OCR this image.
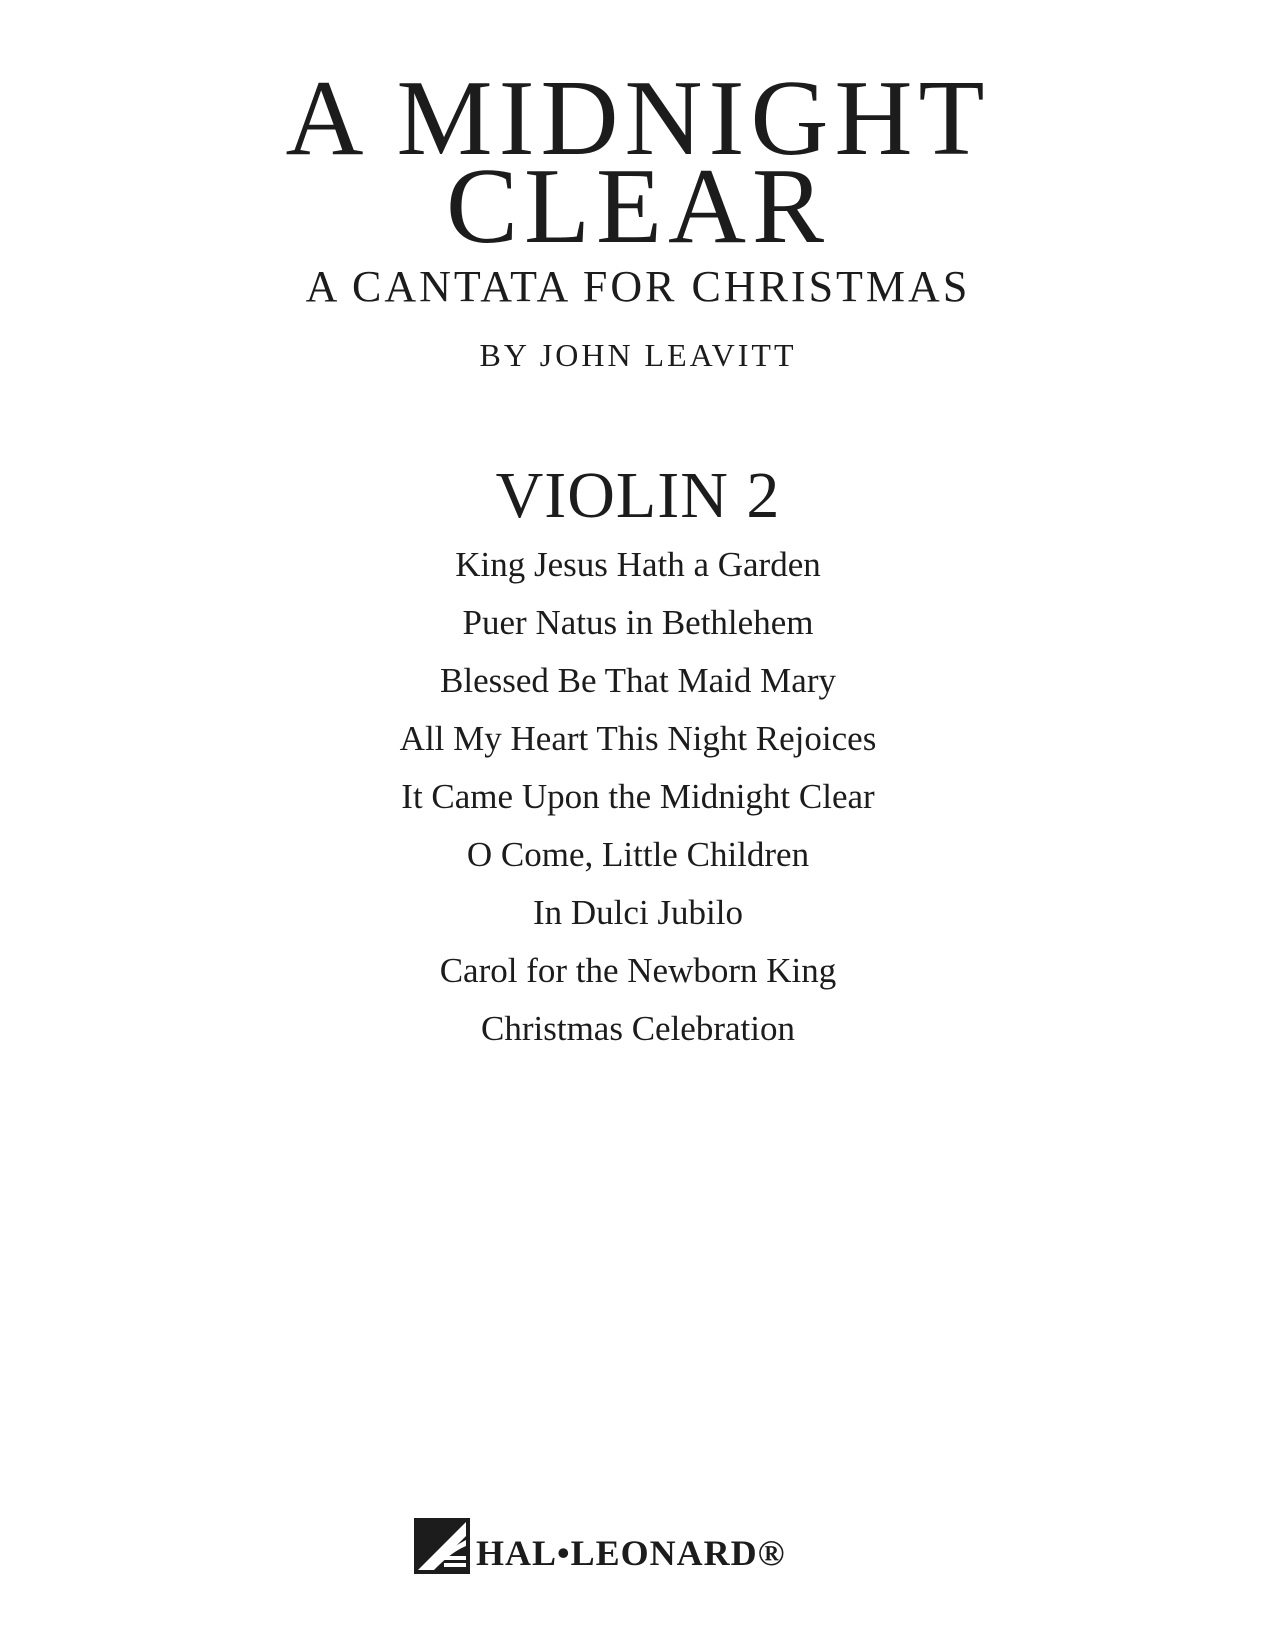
A MIDNIGHT
CLEAR
A CANTATA FOR CHRISTMAS
BY JOHN LEAVITT
VIOLIN 2
King Jesus Hath a Garden
Puer Natus in Bethlehem
Blessed Be That Maid Mary
All My Heart This Night Rejoices
It Came Upon the Midnight Clear
O Come, Little Children
In Dulci Jubilo
Carol for the Newborn King
Christmas Celebration
HAL•LEONARD®
